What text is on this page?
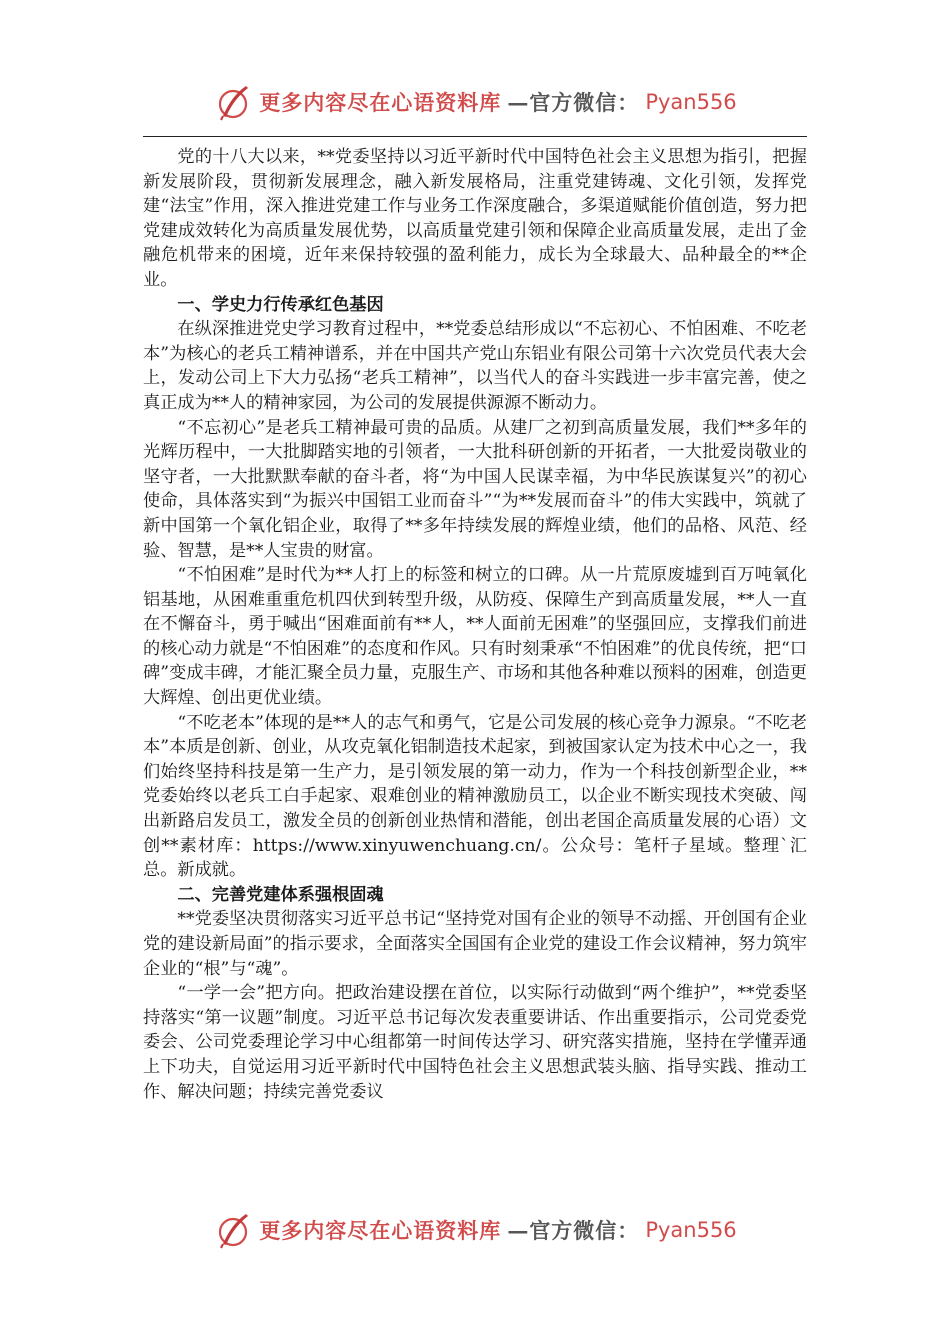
更多内容尽在心语资料库 —官方微信： Pyan556

党的十八大以来，**党委坚持以习近平新时代中国特色社会主义思想为指引，把握新发展阶段，贯彻新发展理念，融入新发展格局，注重党建铸魂、文化引领，发挥党建“法宝”作用，深入推进党建工作与业务工作深度融合，多渠道赋能价值创造，努力把党建成效转化为高质量发展优势，以高质量党建引领和保障企业高质量发展，走出了金融危机带来的困境，近年来保持较强的盈利能力，成长为全球最大、品种最全的**企业。

一、学史力行传承红色基因

在纵深推进党史学习教育过程中，**党委总结形成以“不忘初心、不怕困难、不吃老本”为核心的老兵工精神谱系，并在中国共产党山东铝业有限公司第十六次党员代表大会上，发动公司上下大力弘扬“老兵工精神”，以当代人的奋斗实践进一步丰富完善，使之真正成为**人的精神家园，为公司的发展提供源源不断动力。

“不忘初心”是老兵工精神最可贵的品质。从建厂之初到高质量发展，我们**多年的光辉历程中，一大批脚踏实地的引领者，一大批科研创新的开拓者，一大批爱岗敬业的坚守者，一大批默默奉献的奋斗者，将“为中国人民谋幸福，为中华民族谋复兴”的初心使命，具体落实到“为振兴中国铝工业而奋斗”“为**发展而奋斗”的伟大实践中，筑就了新中国第一个氧化铝企业，取得了**多年持续发展的辉煌业绩，他们的品格、风范、经验、智慧，是**人宝贵的财富。

“不怕困难”是时代为**人打上的标签和树立的口碑。从一片荒原废墟到百万吨氧化铝基地，从困难重重危机四伏到转型升级，从防疫、保障生产到高质量发展，**人一直在不懈奋斗，勇于喊出“困难面前有**人，**人面前无困难”的坚强回应，支撑我们前进的核心动力就是“不怕困难”的态度和作风。只有时刻秉承“不怕困难”的优良传统，把“口碑”变成丰碑，才能汇聚全员力量，克服生产、市场和其他各种难以预料的困难，创造更大辉煌、创出更优业绩。

“不吃老本”体现的是**人的志气和勇气，它是公司发展的核心竞争力源泉。“不吃老本”本质是创新、创业，从攻克氧化铝制造技术起家，到被国家认定为技术中心之一，我们始终坚持科技是第一生产力，是引领发展的第一动力，作为一个科技创新型企业，**党委始终以老兵工白手起家、艰难创业的精神激励员工，以企业不断实现技术突破、闯出新路启发员工，激发全员的创新创业热情和潜能，创出老国企高质量发展的心语）文创**素材库：https://www.xinyuwenchuang.cn/。公众号：笔杆子星域。整理`汇总。新成就。

二、完善党建体系强根固魂

**党委坚决贯彻落实习近平总书记“坚持党对国有企业的领导不动摇、开创国有企业党的建设新局面”的指示要求，全面落实全国国有企业党的建设工作会议精神，努力筑牢企业的“根”与“魂”。

“一学一会”把方向。把政治建设摆在首位，以实际行动做到“两个维护”，**党委坚持落实“第一议题”制度。习近平总书记每次发表重要讲话、作出重要指示，公司党委党委会、公司党委理论学习中心组都第一时间传达学习、研究落实措施，坚持在学懂弄通上下功夫，自觉运用习近平新时代中国特色社会主义思想武装头脑、指导实践、推动工作、解决问题；持续完善党委议

更多内容尽在心语资料库 —官方微信： Pyan556
